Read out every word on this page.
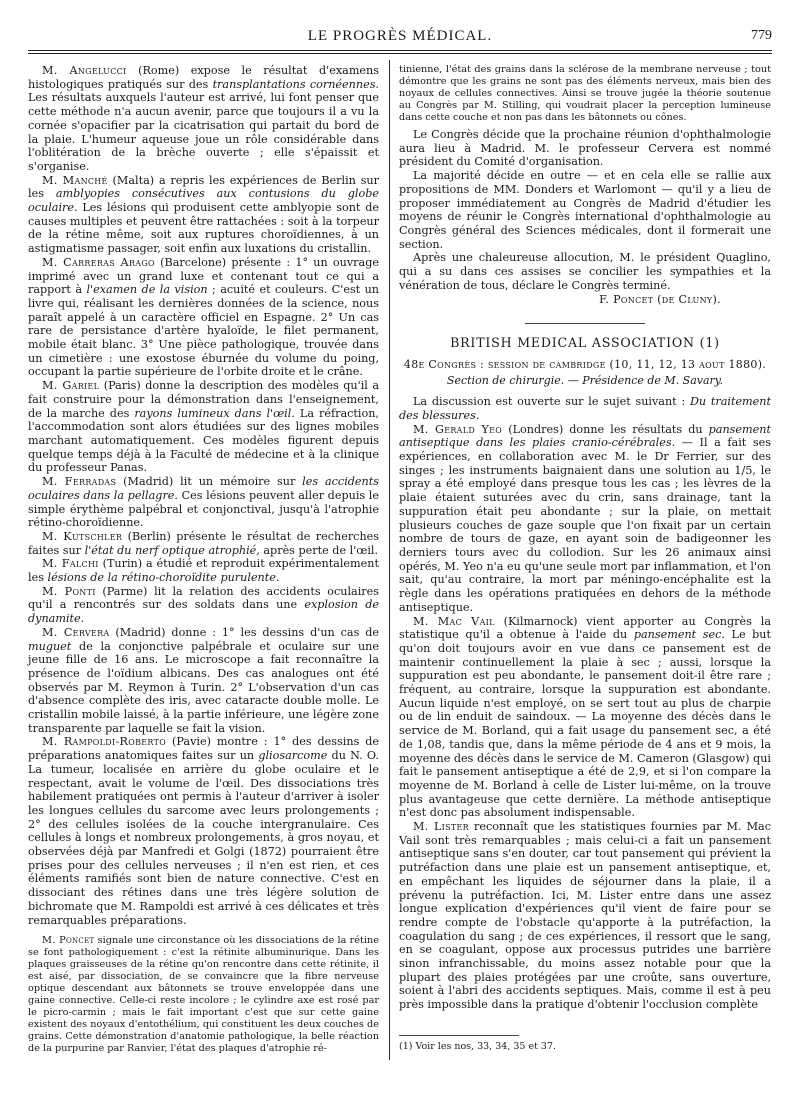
LE PROGRÈS MÉDICAL.	779

M. Angelucci (Rome) expose le résultat d'examens histologiques pratiqués sur des transplantations cornéennes. Les résultats auxquels l'auteur est arrivé, lui font penser que cette méthode n'a aucun avenir, parce que toujours il a vu la cornée s'opacifier par la cicatrisation qui partait du bord de la plaie. L'humeur aqueuse joue un rôle considérable dans l'oblitération de la brèche ouverte ; elle s'épaissit et s'organise.

M. Manché (Malta) a repris les expériences de Berlin sur les amblyopies consécutives aux contusions du globe oculaire. Les lésions qui produisent cette amblyopie sont de causes multiples et peuvent être rattachées : soit à la torpeur de la rétine même, soit aux ruptures choroïdiennes, à un astigmatisme passager, soit enfin aux luxations du cristallin.

M. Carreras Arago (Barcelone) présente : 1° un ouvrage imprimé avec un grand luxe et contenant tout ce qui a rapport à l'examen de la vision ; acuité et couleurs. C'est un livre qui, réalisant les dernières données de la science, nous paraît appelé à un caractère officiel en Espagne. 2° Un cas rare de persistance d'artère hyaloïde, le filet permanent, mobile était blanc. 3° Une pièce pathologique, trouvée dans un cimetière : une exostose éburnée du volume du poing, occupant la partie supérieure de l'orbite droite et le crâne.

M. Gariel (Paris) donne la description des modèles qu'il a fait construire pour la démonstration dans l'enseignement, de la marche des rayons lumineux dans l'œil. La réfraction, l'accommodation sont alors étudiées sur des lignes mobiles marchant automatiquement. Ces modèles figurent depuis quelque temps déjà à la Faculté de médecine et à la clinique du professeur Panas.

M. Ferradas (Madrid) lit un mémoire sur les accidents oculaires dans la pellagre. Ces lésions peuvent aller depuis le simple érythème palpébral et conjonctival, jusqu'à l'atrophie rétino-choroïdienne.

M. Kutschler (Berlin) présente le résultat de recherches faites sur l'état du nerf optique atrophié, après perte de l'œil.

M. Falchi (Turin) a étudié et reproduit expérimentalement les lésions de la rétino-choroïdite purulente.

M. Ponti (Parme) lit la relation des accidents oculaires qu'il a rencontrés sur des soldats dans une explosion de dynamite.

M. Cervera (Madrid) donne : 1° les dessins d'un cas de muguet de la conjonctive palpébrale et oculaire sur une jeune fille de 16 ans. Le microscope a fait reconnaître la présence de l'oïdium albicans. Des cas analogues ont été observés par M. Reymon à Turin. 2° L'observation d'un cas d'absence complète des iris, avec cataracte double molle. Le cristallin mobile laissé, à la partie inférieure, une légère zone transparente par laquelle se fait la vision.

M. Rampoldi-Roberto (Pavie) montre : 1° des dessins de préparations anatomiques faites sur un gliosarcome du N. O. La tumeur, localisée en arrière du globe oculaire et le respectant, avait le volume de l'œil. Des dissociations très habilement pratiquées ont permis à l'auteur d'arriver à isoler les longues cellules du sarcome avec leurs prolongements ; 2° des cellules isolées de la couche intergranulaire. Ces cellules à longs et nombreux prolongements, à gros noyau, et observées déjà par Manfredi et Golgi (1872) pourraient être prises pour des cellules nerveuses ; il n'en est rien, et ces éléments ramifiés sont bien de nature connective. C'est en dissociant des rétines dans une très légère solution de bichromate que M. Rampoldi est arrivé à ces délicates et très remarquables préparations.

M. Poncet signale une circonstance où les dissociations de la rétine se font pathologiquement : c'est la rétinite albuminurique. Dans les plaques graisseuses de la rétine qu'on rencontre dans cette rétinite, il est aisé, par dissociation, de se convaincre que la fibre nerveuse optique descendant aux bâtonnets se trouve enveloppée dans une gaine connective. Celle-ci reste incolore ; le cylindre axe est rosé par le picro-carmin ; mais le fait important c'est que sur cette gaine existent des noyaux d'entothélium, qui constituent les deux couches de grains. Cette démonstration d'anatomie pathologique, la belle réaction de la purpurine par Ranvier, l'état des plaques d'atrophie ré-

tinienne, l'état des grains dans la sclérose de la membrane nerveuse ; tout démontre que les grains ne sont pas des éléments nerveux, mais bien des noyaux de cellules connectives. Ainsi se trouve jugée la théorie soutenue au Congrès par M. Stilling, qui voudrait placer la perception lumineuse dans cette couche et non pas dans les bâtonnets ou cônes.

Le Congrès décide que la prochaine réunion d'ophthalmologie aura lieu à Madrid. M. le professeur Cervera est nommé président du Comité d'organisation.

La majorité décide en outre — et en cela elle se rallie aux propositions de MM. Donders et Warlomont — qu'il y a lieu de proposer immédiatement au Congrès de Madrid d'étudier les moyens de réunir le Congrès international d'ophthalmologie au Congrès général des Sciences médicales, dont il formerait une section.

Après une chaleureuse allocution, M. le président Quaglino, qui a su dans ces assises se concilier les sympathies et la vénération de tous, déclare le Congrès terminé.

F. Poncet (de Cluny).
BRITISH MEDICAL ASSOCIATION (1)
48e Congrès : session de cambridge (10, 11, 12, 13 aout 1880).
Section de chirurgie. — Présidence de M. Savary.

La discussion est ouverte sur le sujet suivant : Du traitement des blessures.

M. Gerald Yeo (Londres) donne les résultats du pansement antiseptique dans les plaies cranio-cérébrales. — Il a fait ses expériences, en collaboration avec M. le Dr Ferrier, sur des singes ; les instruments baignaient dans une solution au 1/5, le spray a été employé dans presque tous les cas ; les lèvres de la plaie étaient suturées avec du crin, sans drainage, tant la suppuration était peu abondante ; sur la plaie, on mettait plusieurs couches de gaze souple que l'on fixait par un certain nombre de tours de gaze, en ayant soin de badigeonner les derniers tours avec du collodion. Sur les 26 animaux ainsi opérés, M. Yeo n'a eu qu'une seule mort par inflammation, et l'on sait, qu'au contraire, la mort par méningo-encéphalite est la règle dans les opérations pratiquées en dehors de la méthode antiseptique.

M. Mac Vail (Kilmarnock) vient apporter au Congrès la statistique qu'il a obtenue à l'aide du pansement sec. Le but qu'on doit toujours avoir en vue dans ce pansement est de maintenir continuellement la plaie à sec ; aussi, lorsque la suppuration est peu abondante, le pansement doit-il être rare ; fréquent, au contraire, lorsque la suppuration est abondante. Aucun liquide n'est employé, on se sert tout au plus de charpie ou de lin enduit de saindoux. — La moyenne des décès dans le service de M. Borland, qui a fait usage du pansement sec, a été de 1,08, tandis que, dans la même période de 4 ans et 9 mois, la moyenne des décès dans le service de M. Cameron (Glasgow) qui fait le pansement antiseptique a été de 2,9, et si l'on compare la moyenne de M. Borland à celle de Lister lui-même, on la trouve plus avantageuse que cette dernière. La méthode antiseptique n'est donc pas absolument indispensable.

M. Lister reconnaît que les statistiques fournies par M. Mac Vail sont très remarquables ; mais celui-ci a fait un pansement antiseptique sans s'en douter, car tout pansement qui prévient la putréfaction dans une plaie est un pansement antiseptique, et, en empêchant les liquides de séjourner dans la plaie, il a prévenu la putréfaction. Ici, M. Lister entre dans une assez longue explication d'expériences qu'il vient de faire pour se rendre compte de l'obstacle qu'apporte à la putréfaction, la coagulation du sang ; de ces expériences, il ressort que le sang, en se coagulant, oppose aux processus putrides une barrière sinon infranchissable, du moins assez notable pour que la plupart des plaies protégées par une croûte, sans ouverture, soient à l'abri des accidents septiques. Mais, comme il est à peu près impossible dans la pratique d'obtenir l'occlusion complète

(1) Voir les nos, 33, 34, 35 et 37.
